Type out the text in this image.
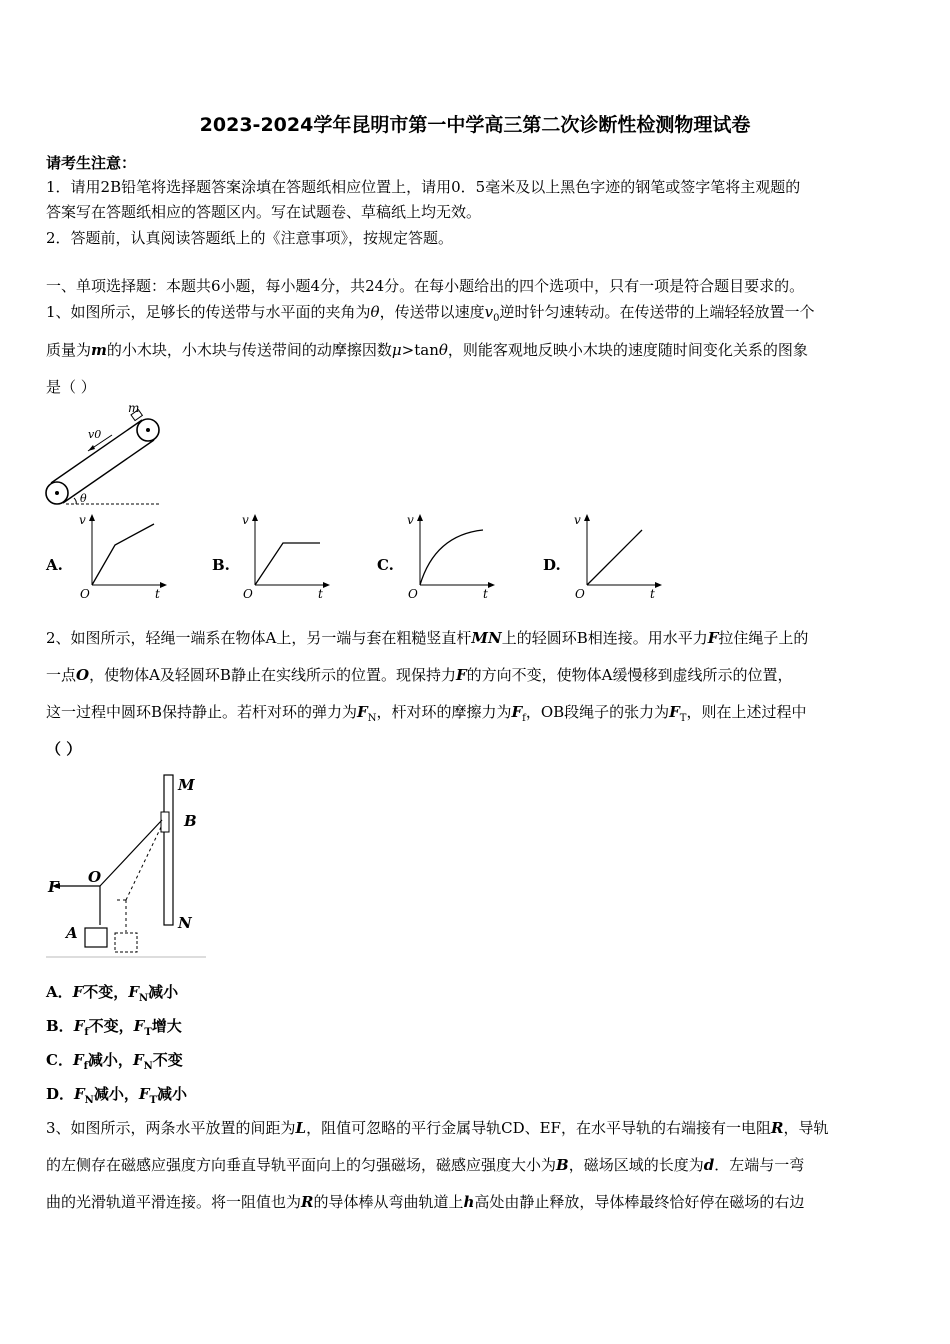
2023-2024学年昆明市第一中学高三第二次诊断性检测物理试卷
请考生注意：
1．请用2B铅笔将选择题答案涂填在答题纸相应位置上，请用0．5毫米及以上黑色字迹的钢笔或签字笔将主观题的
答案写在答题纸相应的答题区内。写在试题卷、草稿纸上均无效。
2．答题前，认真阅读答题纸上的《注意事项》，按规定答题。
一、单项选择题：本题共6小题，每小题4分，共24分。在每小题给出的四个选项中，只有一项是符合题目要求的。
1、如图所示，足够长的传送带与水平面的夹角为θ，传送带以速度$v_0$逆时针匀速转动。在传送带的上端轻轻放置一个
质量为m的小木块，小木块与传送带间的动摩擦因数μ>tanθ，则能客观地反映小木块的速度随时间变化关系的图象
是（ ）
m
v0
θ
A.
v
O	t
B.
v
O	t
C.
v
O	t
D.
v
O	t
2、如图所示，轻绳一端系在物体A上，另一端与套在粗糙竖直杆MN上的轻圆环B相连接。用水平力F拉住绳子上的
一点O，使物体A及轻圆环B静止在实线所示的位置。现保持力F的方向不变，使物体A缓慢移到虚线所示的位置，
这一过程中圆环B保持静止。若杆对环的弹力为$F_N$，杆对环的摩擦力为$F_f$，OB段绳子的张力为$F_T$，则在上述过程中
（ ）
M
B
F
O
A
N
A．F不变，$F_N$减小
B．$F_f$不变，$F_T$增大
C．$F_f$减小，$F_N$不变
D．$F_N$减小，$F_T$减小
3、如图所示，两条水平放置的间距为L，阻值可忽略的平行金属导轨CD、EF，在水平导轨的右端接有一电阻R，导轨
的左侧存在磁感应强度方向垂直导轨平面向上的匀强磁场，磁感应强度大小为B，磁场区域的长度为d．左端与一弯
曲的光滑轨道平滑连接。将一阻值也为R的导体棒从弯曲轨道上h高处由静止释放，导体棒最终恰好停在磁场的右边
